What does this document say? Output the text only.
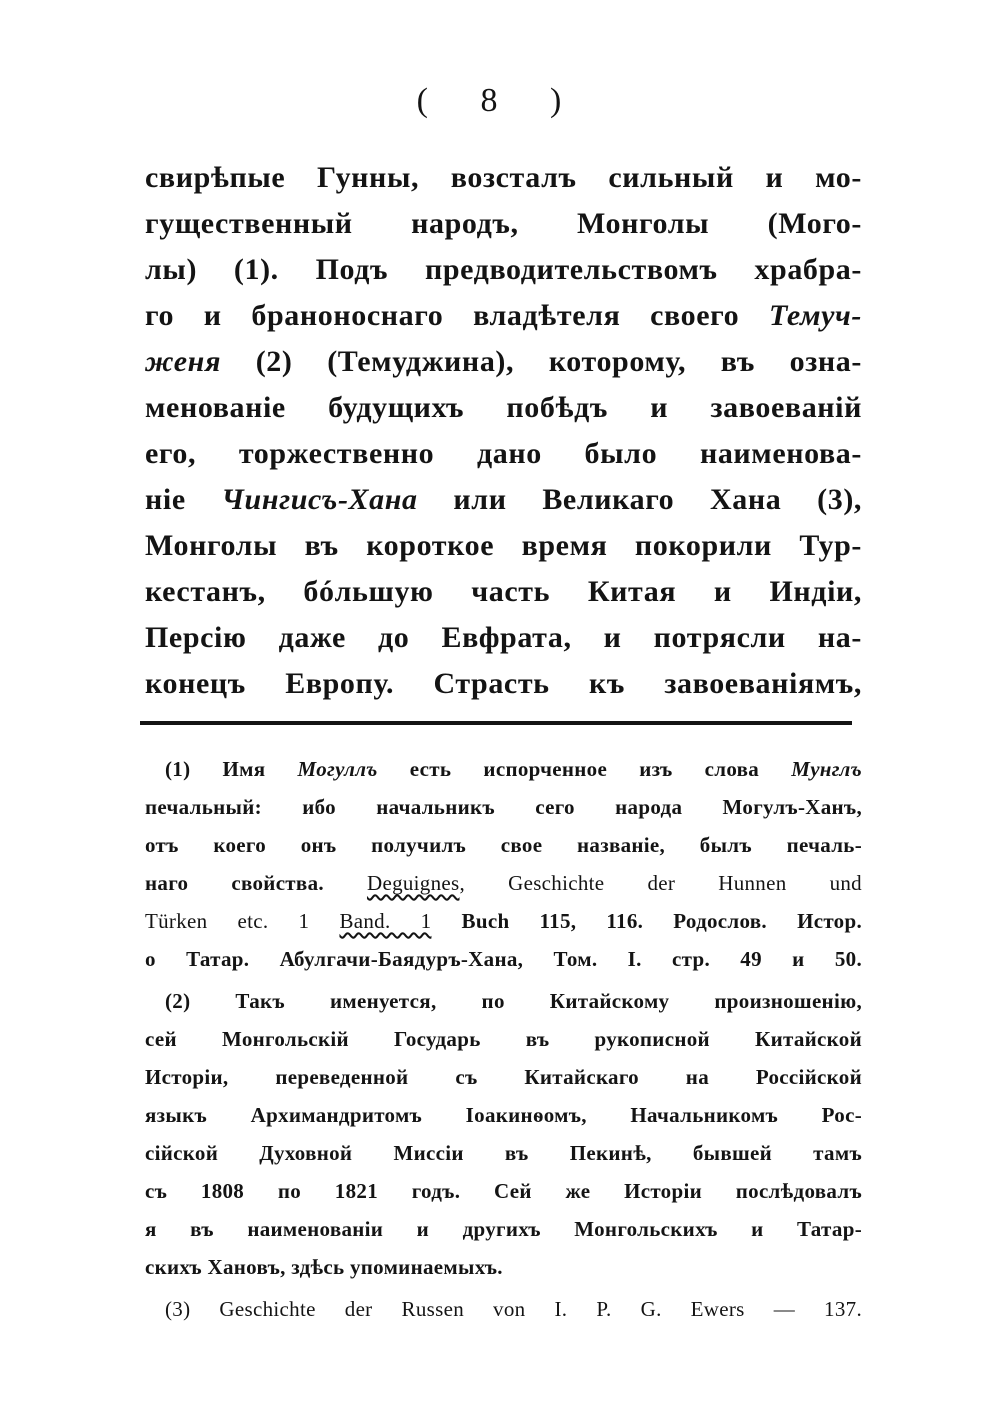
( 8 )
свирѣпые Гунны, возсталъ сильный и мо-
гущественный народъ, Монголы (Мого-
лы) (1). Подъ предводительствомъ храбра-
го и браноноснаго владѣтеля своего Темуч-
женя (2) (Темуджина), которому, въ озна-
менованіе будущихъ побѣдъ и завоеваній
его, торжественно дано было наименова-
ніе Чингисъ-Хана или Великаго Хана (3),
Монголы въ короткое время покорили Тур-
кестанъ, бóльшую часть Китая и Индіи,
Персію даже до Евфрата, и потрясли на-
конецъ Европу. Страсть къ завоеваніямъ,
(1) Имя Могуллъ есть испорченное изъ слова Мунглъ
печальный: ибо начальникъ сего народа Могулъ-Ханъ,
отъ коего онъ получилъ свое названіе, былъ печаль-
наго свойства. Deguignes, Geschichte der Hunnen und
Türken etc. 1 Band. 1 Buch 115, 116. Родослов. Истор.
о Татар. Абулгачи-Баядуръ-Хана, Том. I. стр. 49 и 50.
(2) Такъ именуется, по Китайскому произношенію,
сей Монгольскій Государь въ рукописной Китайской
Исторіи, переведенной съ Китайскаго на Россійской
языкъ Архимандритомъ Іоакинѳомъ, Начальникомъ Рос-
сійской Духовной Миссіи въ Пекинѣ, бывшей тамъ
съ 1808 по 1821 годъ. Сей же Исторіи послѣдовалъ
я въ наименованіи и другихъ Монгольскихъ и Татар-
скихъ Хановъ, здѣсь упоминаемыхъ.
(3) Geschichte der Russen von I. P. G. Ewers — 137.
